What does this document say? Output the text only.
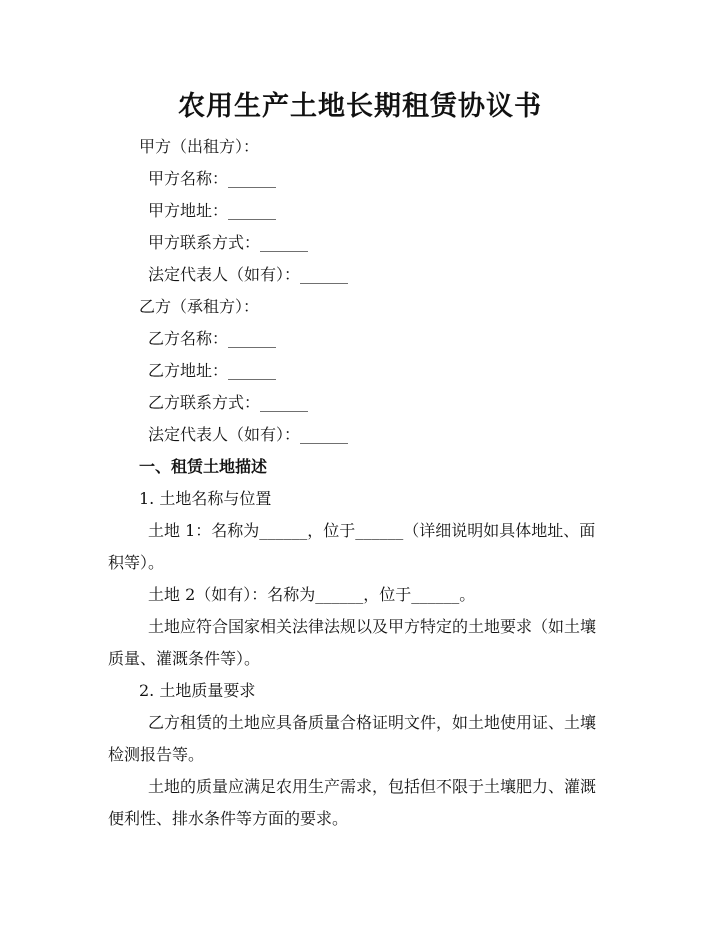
农用生产土地长期租赁协议书
甲方（出租方）：
甲方名称：______
甲方地址：______
甲方联系方式：______
法定代表人（如有）：______
乙方（承租方）：
乙方名称：______
乙方地址：______
乙方联系方式：______
法定代表人（如有）：______
一、租赁土地描述
1. 土地名称与位置
土地 1：名称为______，位于______（详细说明如具体地址、面
积等）。
土地 2（如有）：名称为______，位于______。
土地应符合国家相关法律法规以及甲方特定的土地要求（如土壤
质量、灌溉条件等）。
2. 土地质量要求
乙方租赁的土地应具备质量合格证明文件，如土地使用证、土壤
检测报告等。
土地的质量应满足农用生产需求，包括但不限于土壤肥力、灌溉
便利性、排水条件等方面的要求。
